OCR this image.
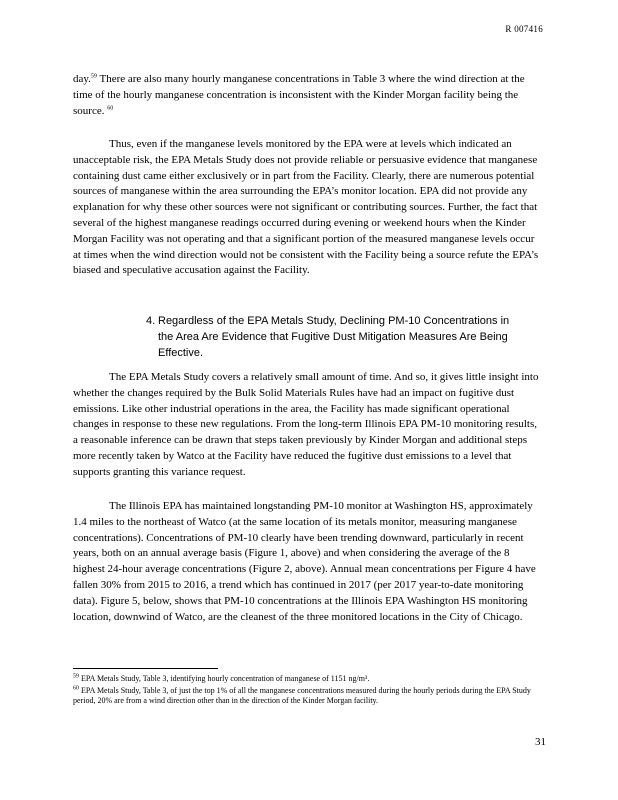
R 007416

day.$^{59}$ There are also many hourly manganese concentrations in Table 3 where the wind direction at the time of the hourly manganese concentration is inconsistent with the Kinder Morgan facility being the source. $^{60}$

Thus, even if the manganese levels monitored by the EPA were at levels which indicated an unacceptable risk, the EPA Metals Study does not provide reliable or persuasive evidence that manganese containing dust came either exclusively or in part from the Facility. Clearly, there are numerous potential sources of manganese within the area surrounding the EPA’s monitor location. EPA did not provide any explanation for why these other sources were not significant or contributing sources. Further, the fact that several of the highest manganese readings occurred during evening or weekend hours when the Kinder Morgan Facility was not operating and that a significant portion of the measured manganese levels occur at times when the wind direction would not be consistent with the Facility being a source refute the EPA’s biased and speculative accusation against the Facility.

4. Regardless of the EPA Metals Study, Declining PM-10 Concentrations in
the Area Are Evidence that Fugitive Dust Mitigation Measures Are Being
Effective.

The EPA Metals Study covers a relatively small amount of time. And so, it gives little insight into whether the changes required by the Bulk Solid Materials Rules have had an impact on fugitive dust emissions. Like other industrial operations in the area, the Facility has made significant operational changes in response to these new regulations. From the long-term Illinois EPA PM-10 monitoring results, a reasonable inference can be drawn that steps taken previously by Kinder Morgan and additional steps more recently taken by Watco at the Facility have reduced the fugitive dust emissions to a level that supports granting this variance request.

The Illinois EPA has maintained longstanding PM-10 monitor at Washington HS, approximately 1.4 miles to the northeast of Watco (at the same location of its metals monitor, measuring manganese concentrations). Concentrations of PM-10 clearly have been trending downward, particularly in recent years, both on an annual average basis (Figure 1, above) and when considering the average of the 8 highest 24-hour average concentrations (Figure 2, above). Annual mean concentrations per Figure 4 have fallen 30% from 2015 to 2016, a trend which has continued in 2017 (per 2017 year-to-date monitoring data). Figure 5, below, shows that PM-10 concentrations at the Illinois EPA Washington HS monitoring location, downwind of Watco, are the cleanest of the three monitored locations in the City of Chicago.

$^{59}$ EPA Metals Study, Table 3, identifying hourly concentration of manganese of 1151 ng/m³.
$^{60}$ EPA Metals Study, Table 3, of just the top 1% of all the manganese concentrations measured during the hourly periods during the EPA Study period, 20% are from a wind direction other than in the direction of the Kinder Morgan facility.
31
